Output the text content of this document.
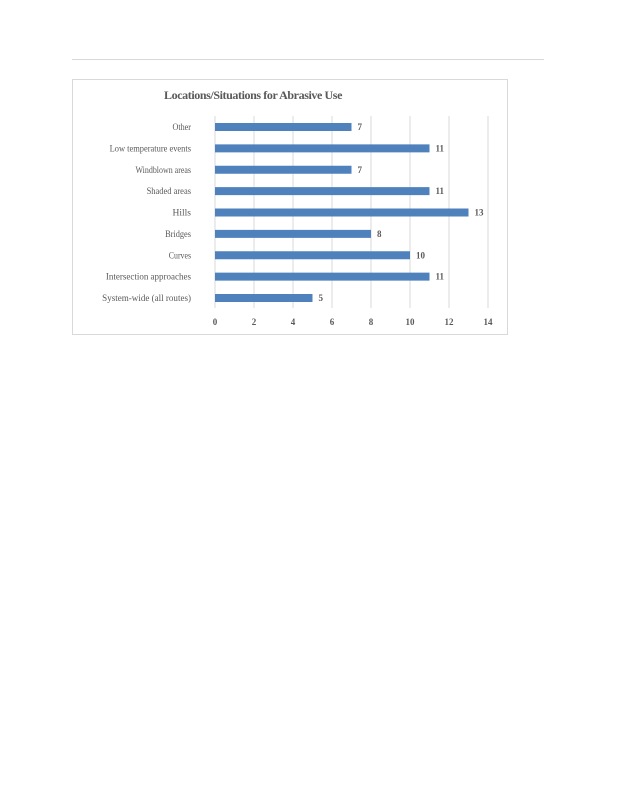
Locations/Situations for Abrasive Use
Other	7
Low temperature events	11
Windblown areas	7
Shaded areas	11
Hills	13
Bridges	8
Curves	10
Intersection approaches	11
System-wide (all routes)	5
0	2	4	6	8	10	12	14
